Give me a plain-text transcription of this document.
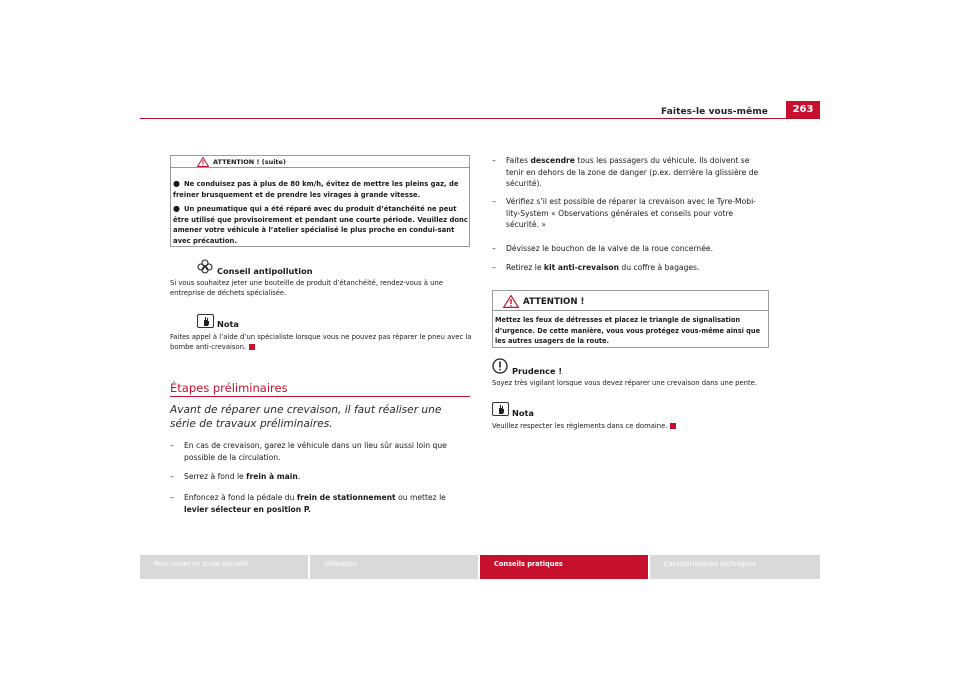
Faites-le vous-même	263
ATTENTION ! (suite)
● Ne conduisez pas à plus de 80 km/h, évitez de mettre les pleins gaz, de freiner brusquement et de prendre les virages à grande vitesse.
● Un pneumatique qui a été réparé avec du produit d’étanchéité ne peut être utilisé que provisoirement et pendant une courte période. Veuillez donc amener votre véhicule à l’atelier spécialisé le plus proche en condui-sant avec précaution.
Conseil antipollution
Si vous souhaitez jeter une bouteille de produit d’étanchéité, rendez-vous à une entreprise de déchets spécialisée.
Nota
Faites appel à l’aide d’un spécialiste lorsque vous ne pouvez pas réparer le pneu avec la bombe anti-crevaison.
Étapes préliminaires
Avant de réparer une crevaison, il faut réaliser une série de travaux préliminaires.
– En cas de crevaison, garez le véhicule dans un lieu sûr aussi loin que possible de la circulation.
– Serrez à fond le frein à main.
– Enfoncez à fond la pédale du frein de stationnement ou mettez le levier sélecteur en position P.
– Faites descendre tous les passagers du véhicule. Ils doivent se tenir en dehors de la zone de danger (p.ex. derrière la glissière de sécurité).
– Vérifiez s’il est possible de réparer la crevaison avec le Tyre-Mobi-lity-System « Observations générales et conseils pour votre sécurité. »
– Dévissez le bouchon de la valve de la roue concernée.
– Retirez le kit anti-crevaison du coffre à bagages.
ATTENTION !
Mettez les feux de détresses et placez le triangle de signalisation d’urgence. De cette manière, vous vous protégez vous-même ainsi que les autres usagers de la route.
Prudence !
Soyez très vigilant lorsque vous devez réparer une crevaison dans une pente.
Nota
Veuillez respecter les règlements dans ce domaine.
Pour rouler en toute sécurité	Utilisation	Conseils pratiques	Caractéristiques techniques
